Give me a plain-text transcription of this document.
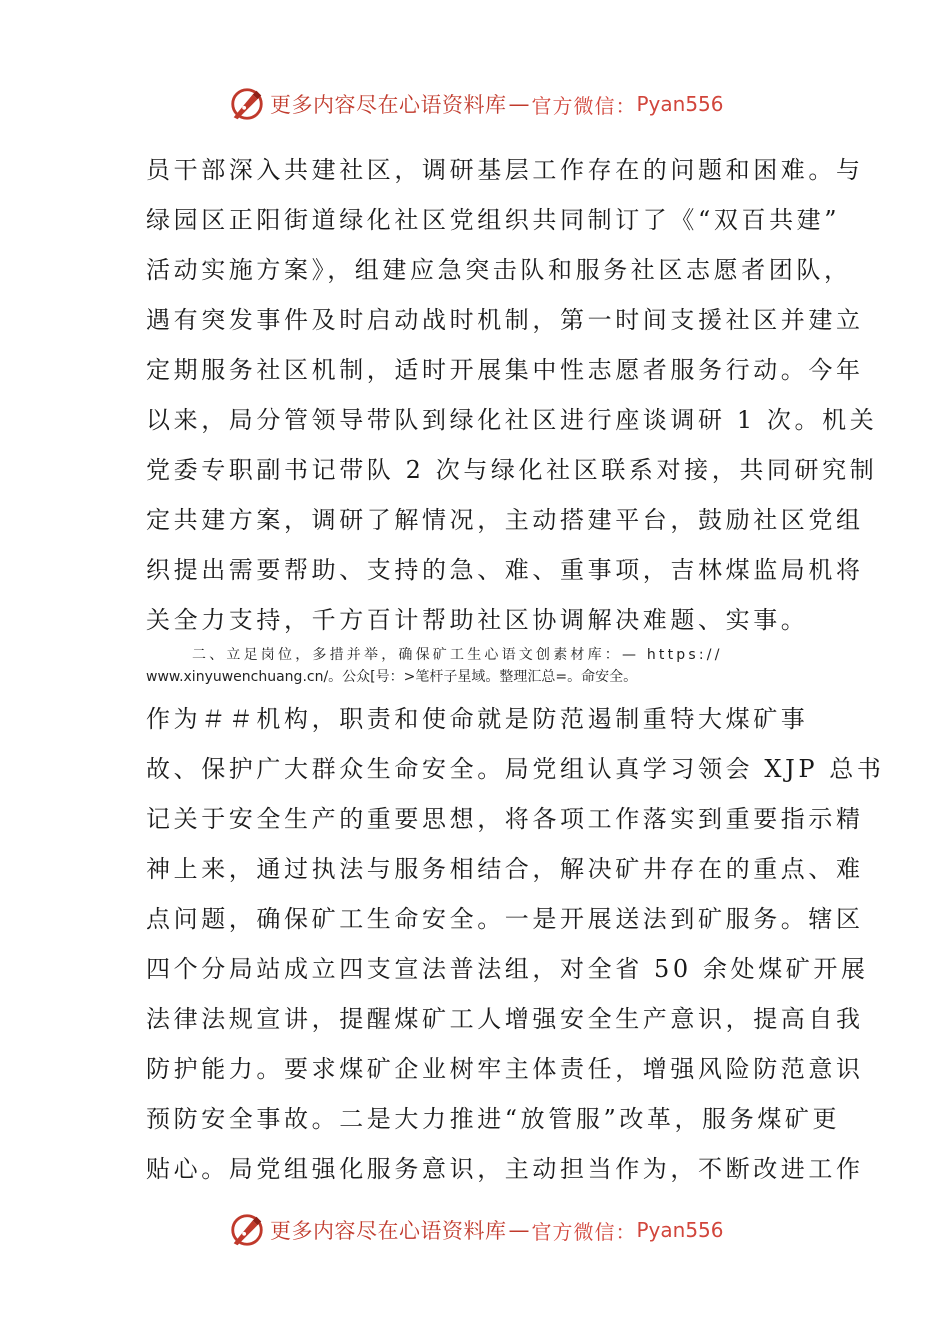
更多内容尽在心语资料库 — 官方微信： Pyan556
员干部深入共建社区，调研基层工作存在的问题和困难。与
绿园区正阳街道绿化社区党组织共同制订了《“双百共建”
活动实施方案》，组建应急突击队和服务社区志愿者团队，
遇有突发事件及时启动战时机制，第一时间支援社区并建立
定期服务社区机制，适时开展集中性志愿者服务行动。今年
以来，局分管领导带队到绿化社区进行座谈调研 1 次。机关
党委专职副书记带队 2 次与绿化社区联系对接，共同研究制
定共建方案，调研了解情况，主动搭建平台，鼓励社区党组
织提出需要帮助、支持的急、难、重事项，吉林煤监局机将
关全力支持，千方百计帮助社区协调解决难题、实事。
二、立足岗位，多措并举，确保矿工生心语文创素材库：— https://
www.xinyuwenchuang.cn/。公众[号：>笔杆子星域。整理汇总=。命安全。
作为＃＃机构，职责和使命就是防范遏制重特大煤矿事
故、保护广大群众生命安全。局党组认真学习领会 XJP 总书
记关于安全生产的重要思想，将各项工作落实到重要指示精
神上来，通过执法与服务相结合，解决矿井存在的重点、难
点问题，确保矿工生命安全。一是开展送法到矿服务。辖区
四个分局站成立四支宣法普法组，对全省 50 余处煤矿开展
法律法规宣讲，提醒煤矿工人增强安全生产意识，提高自我
防护能力。要求煤矿企业树牢主体责任，增强风险防范意识
预防安全事故。二是大力推进“放管服”改革，服务煤矿更
贴心。局党组强化服务意识，主动担当作为，不断改进工作
更多内容尽在心语资料库 — 官方微信： Pyan556
